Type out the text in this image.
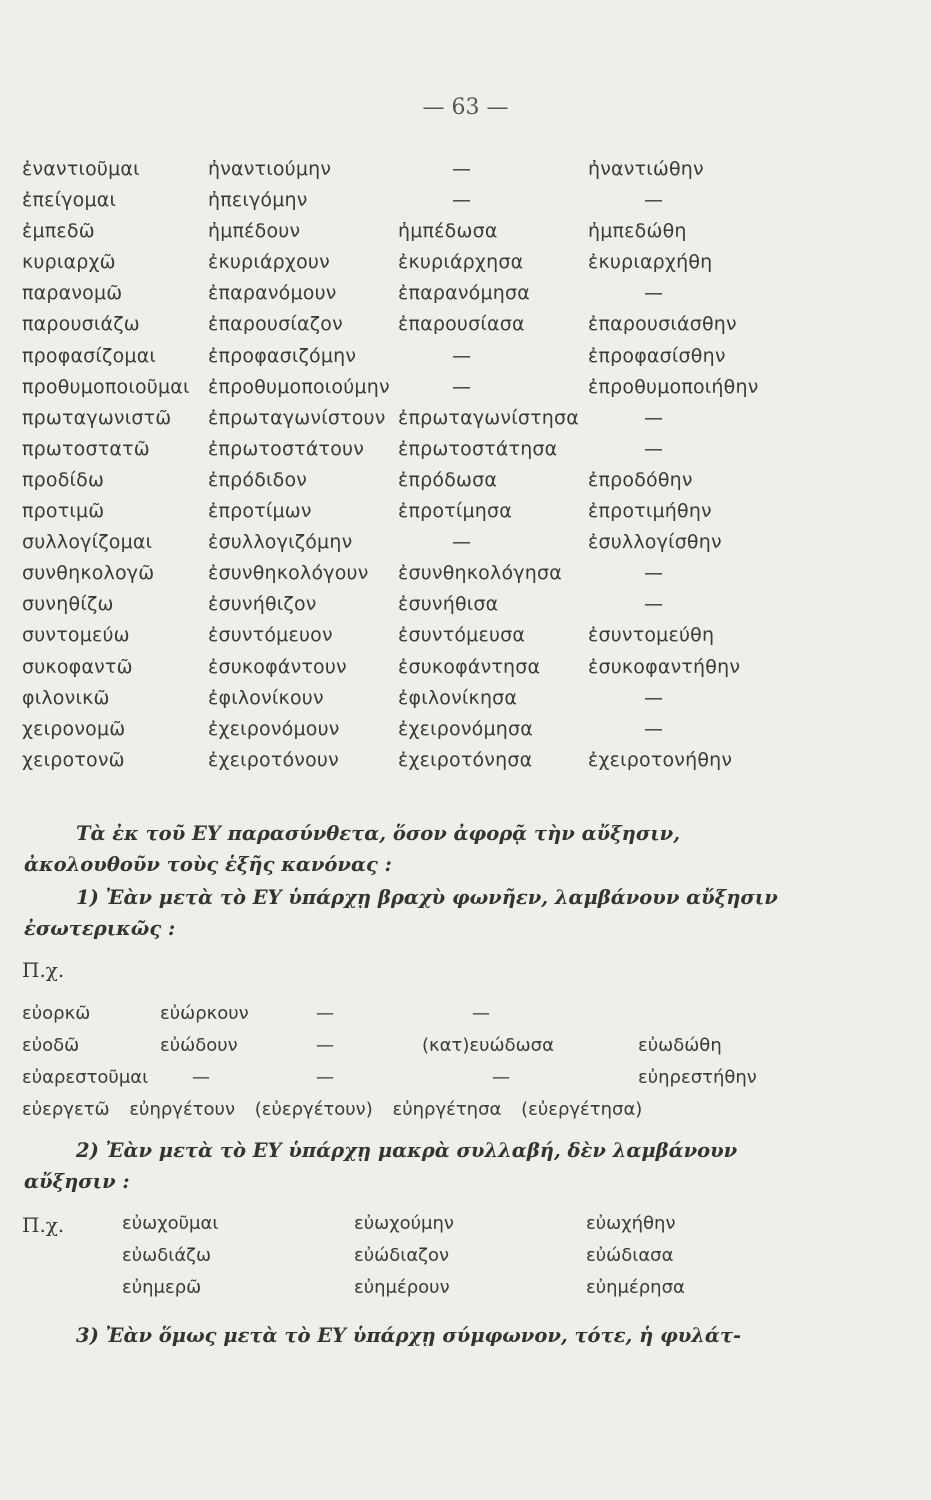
— 63 —
ἐναντιοῦμαι	ἠναντιούμην	—	ἠναντιώθην
ἐπείγομαι	ἠπειγόμην	—	—
ἐμπεδῶ	ἠμπέδουν	ἠμπέδωσα	ἠμπεδώθη
κυριαρχῶ	ἐκυριάρχουν	ἐκυριάρχησα	ἐκυριαρχήθη
παρανομῶ	ἐπαρανόμουν	ἐπαρανόμησα	—
παρουσιάζω	ἐπαρουσίαζον	ἐπαρουσίασα	ἐπαρουσιάσθην
προφασίζομαι	ἐπροφασιζόμην	—	ἐπροφασίσθην
προθυμοποιοῦμαι ἐπροθυμοποιούμην	—	ἐπροθυμοποιήθην
πρωταγωνιστῶ ἐπρωταγωνίστουν ἐπρωταγωνίστησα	—
πρωτοστατῶ	ἐπρωτοστάτουν ἐπρωτοστάτησα	—
προδίδω	ἐπρόδιδον	ἐπρόδωσα	ἐπροδόθην
προτιμῶ	ἐπροτίμων	ἐπροτίμησα	ἐπροτιμήθην
συλλογίζομαι	ἐσυλλογιζόμην	—	ἐσυλλογίσθην
συνθηκολογῶ	ἐσυνθηκολόγουν ἐσυνθηκολόγησα	—
συνηθίζω	ἐσυνήθιζον	ἐσυνήθισα	—
συντομεύω	ἐσυντόμευον	ἐσυντόμευσα	ἐσυντομεύθη
συκοφαντῶ	ἐσυκοφάντουν	ἐσυκοφάντησα	ἐσυκοφαντήθην
φιλονικῶ	ἐφιλονίκουν	ἐφιλονίκησα	—
χειρονομῶ	ἐχειρονόμουν	ἐχειρονόμησα	—
χειροτονῶ	ἐχειροτόνουν	ἐχειροτόνησα	ἐχειροτονήθην
Τὰ ἐκ τοῦ ΕΥ παρασύνθετα, ὅσον ἀφορᾷ τὴν αὔξησιν, ἀκολουθοῦν τοὺς ἑξῆς κανόνας :
1) Ἐὰν μετὰ τὸ ΕΥ ὑπάρχῃ βραχὺ φωνῆεν, λαμβάνουν αὔξησιν ἐσωτερικῶς :
Π.χ.
εὐορκῶ	εὐώρκουν	—	—
εὐοδῶ	εὐώδουν	—	(κατ)ευώδωσα	εὐωδώθη
εὐαρεστοῦμαι —	—	—	εὐηρεστήθην
εὐεργετῶ εὐηργέτουν (εὐεργέτουν) εὐηργέτησα (εὐεργέτησα)
2) Ἐὰν μετὰ τὸ ΕΥ ὑπάρχῃ μακρὰ συλλαβή, δὲν λαμβάνουν αὔξησιν :
Π.χ.	εὐωχοῦμαι	εὐωχούμην	εὐωχήθην
εὐωδιάζω	εὐώδιαζον	εὐώδιασα
εὐημερῶ	εὐημέρουν	εὐημέρησα
3) Ἐὰν ὅμως μετὰ τὸ ΕΥ ὑπάρχῃ σύμφωνον, τότε, ἡ φυλάτ-
